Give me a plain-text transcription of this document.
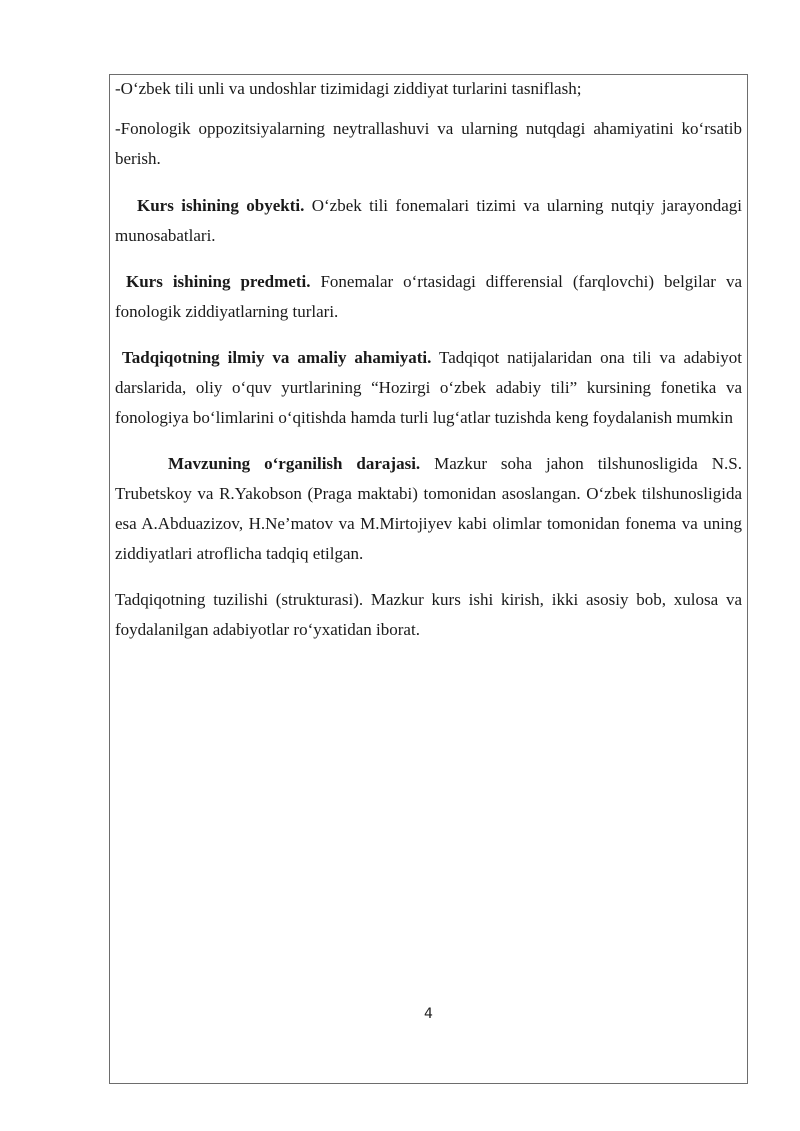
-O‘zbek tili unli va undoshlar tizimidagi ziddiyat turlarini tasniflash;

-Fonologik oppozitsiyalarning neytrallashuvi va ularning nutqdagi ahamiyatini ko‘rsatib berish.

Kurs ishining obyekti. O‘zbek tili fonemalari tizimi va ularning nutqiy jarayondagi munosabatlari.

Kurs ishining predmeti. Fonemalar o‘rtasidagi differensial (farqlovchi) belgilar va fonologik ziddiyatlarning turlari.

Tadqiqotning ilmiy va amaliy ahamiyati. Tadqiqot natijalaridan ona tili va adabiyot darslarida, oliy o‘quv yurtlarining “Hozirgi o‘zbek adabiy tili” kursining fonetika va fonologiya bo‘limlarini o‘qitishda hamda turli lug‘atlar tuzishda keng foydalanish mumkin

Mavzuning o‘rganilish darajasi. Mazkur soha jahon tilshunosligida N.S. Trubetskoy va R.Yakobson (Praga maktabi) tomonidan asoslangan. O‘zbek tilshunosligida esa A.Abduazizov, H.Ne’matov va M.Mirtojiyev kabi olimlar tomonidan fonema va uning ziddiyatlari atroflicha tadqiq etilgan.

Tadqiqotning tuzilishi (strukturasi). Mazkur kurs ishi kirish, ikki asosiy bob, xulosa va foydalanilgan adabiyotlar ro‘yxatidan iborat.

4
